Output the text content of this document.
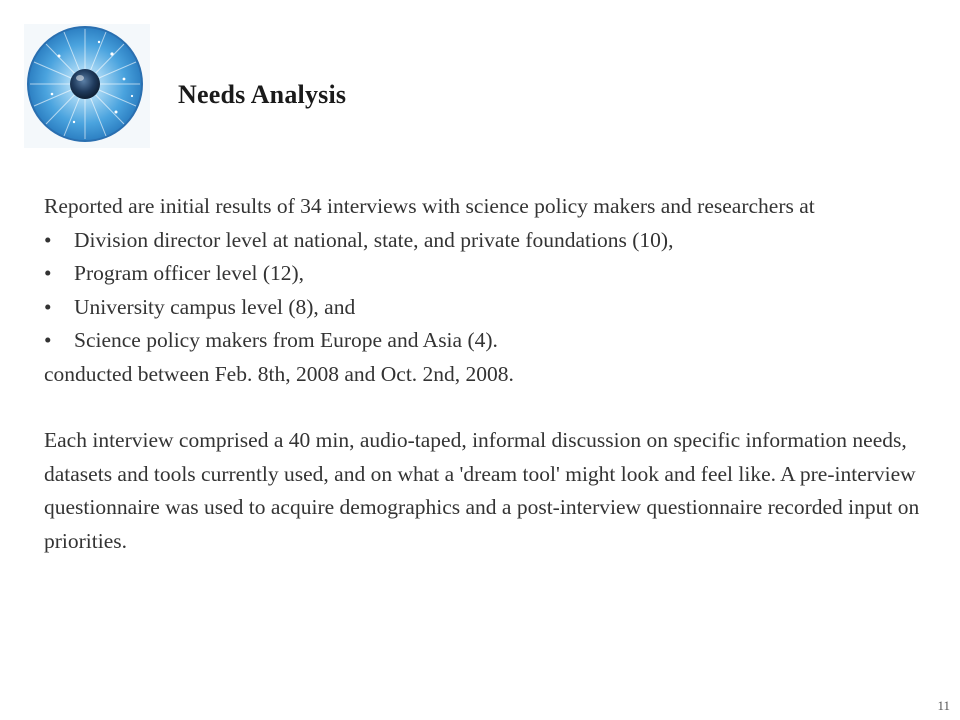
Needs Analysis

Reported are initial results of 34 interviews with science policy makers and researchers at

• Division director level at national, state, and private foundations (10),
• Program officer level (12),
• University campus level (8), and
• Science policy makers from Europe and Asia (4).

conducted between Feb. 8th, 2008 and Oct. 2nd, 2008.

Each interview comprised a 40 min, audio-taped, informal discussion on specific information needs, datasets and tools currently used, and on what a 'dream tool' might look and feel like. A pre-interview questionnaire was used to acquire demographics and a post-interview questionnaire recorded input on priorities.

11
